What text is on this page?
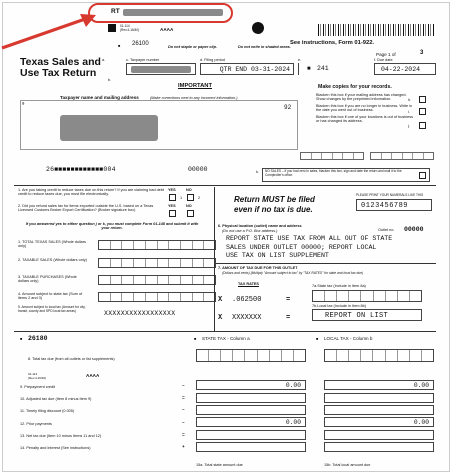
RT
01-114
(Rev.4-16/40)	AAAA
■ 26100	Do not staple or paper clip.	Do not write in shaded areas.
See instructions, Form 01-922.
Page 1 of	3
Texas Sales and
Use Tax Return
a.
b.
c. Taxpayer number	d. Filing period
QTR END 03-31-2024
e.
■ 241
f. Due date
04-22-2024
IMPORTANT
Taxpayer name and mailing address	(Make corrections next to any incorrect information.)
g.
92
Make copies for your records.
Blacken this box if your mailing address has changed. Show changes by the preprinted information.
Blacken this box if you are no longer in business. Write in the date you went out of business.
Blacken this box if one of your locations is out of business or has changed its address.
h.
i.
j.
26■■■■■■■■■■■■004	00000	k. NO SALES – If you had zero in sales, blacken this box, sign and date the return and mail it to the Comptroller's office.
1. Are you taking credit to reduce taxes due on this return? If you are claiming bad debt credit to reduce taxes due, you must file electronically.
YES	NO
1	2
2. Did you refund sales tax for items exported outside the U.S. based on a Texas Licensed Customs Broker Export Certification? (Broker signature box)
YES	NO
If you answered yes to either question j or k, you must complete Form 01-148 and submit it with your return.
Return MUST be filed
even if no tax is due.
PLEASE PRINT YOUR NUMERALS LIKE THIS
0123456789
1. TOTAL TEXAS SALES (Whole dollars only)
2. TAXABLE SALES (Whole dollars only)
3. TAXABLE PURCHASES (Whole dollars only)
4. Amount subject to state tax (Sum of items 2 and 3)
5. Amount subject to local tax (Amount for city, transit, county and SPD local tax areas)	XXXXXXXXXXXXXXXXX
6. Physical location (outlet) name and address
(Do not use a P.O. Box address.)	Outlet no. 00000
REPORT STATE USE TAX FROM ALL OUT OF STATE
SALES UNDER OUTLET 00000; REPORT LOCAL
USE TAX ON LIST SUPPLEMENT
7. AMOUNT OF TAX DUE FOR THIS OUTLET
(Dollars and cents) (Multiply "Amount subject to tax" by "TAX RATES" for state and local tax due)
TAX RATES	7a.State tax (Include in Item 8a)
X .062500	=
7b.Local tax (Include in Item 8b)
X XXXXXXX	=	REPORT ON LIST
■ 26180	■ STATE TAX - Column a	■ LOCAL TAX - Column b
8. Total tax due (from all outlets or list supplements)
01-114
(Rev.4-16/40)
AAAA
9. Prepayment credit	–	0.00	0.00
10. Adjusted tax due (Item 8 minus Item 9)	=
11. Timely filing discount (0.005)	–
12. Prior payments	–	0.00	0.00
13. Net tax due (Item 10 minus Items 11 and 12)	=
14. Penalty and interest (See instructions)	+
15a. Total state amount due	15b. Total local amount due
